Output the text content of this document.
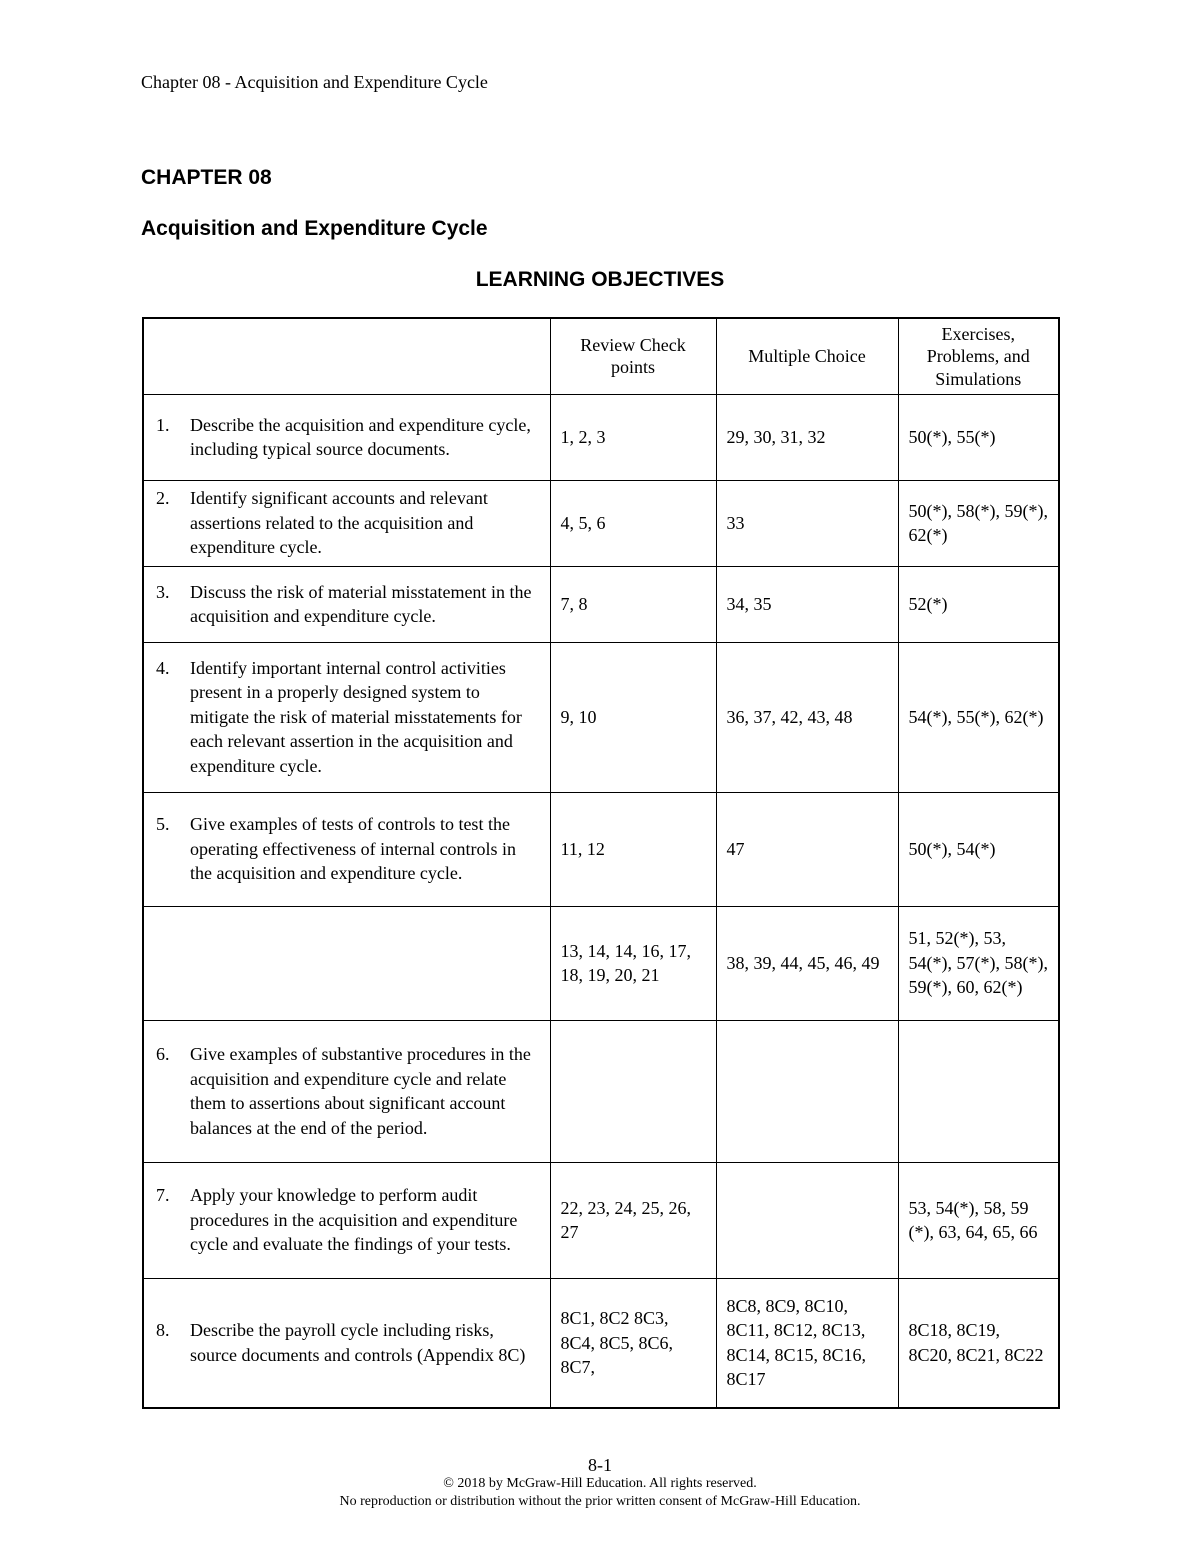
Chapter 08 - Acquisition and Expenditure Cycle
CHAPTER 08
Acquisition and Expenditure Cycle
LEARNING OBJECTIVES
	Review Check points	Multiple Choice	Exercises, Problems, and Simulations

1. Describe the acquisition and expenditure cycle, including typical source documents.	1, 2, 3	29, 30, 31, 32	50(*), 55(*)

2. Identify significant accounts and relevant assertions related to the acquisition and expenditure cycle.	4, 5, 6	33	50(*), 58(*), 59(*), 62(*)

3. Discuss the risk of material misstatement in the acquisition and expenditure cycle.	7, 8	34, 35	52(*)

4. Identify important internal control activities present in a properly designed system to mitigate the risk of material misstatements for each relevant assertion in the acquisition and expenditure cycle.	9, 10	36, 37, 42, 43, 48	54(*), 55(*), 62(*)

5. Give examples of tests of controls to test the operating effectiveness of internal controls in the acquisition and expenditure cycle.	11, 12	47	50(*), 54(*)

	13, 14, 14, 16, 17, 18, 19, 20, 21	38, 39, 44, 45, 46, 49	51, 52(*), 53, 54(*), 57(*), 58(*), 59(*), 60, 62(*)

6. Give examples of substantive procedures in the acquisition and expenditure cycle and relate them to assertions about significant account balances at the end of the period.			

7. Apply your knowledge to perform audit procedures in the acquisition and expenditure cycle and evaluate the findings of your tests.	22, 23, 24, 25, 26, 27		53, 54(*), 58, 59 (*), 63, 64, 65, 66

8. Describe the payroll cycle including risks, source documents and controls (Appendix 8C)	8C1, 8C2 8C3, 8C4, 8C5, 8C6, 8C7,	8C8, 8C9, 8C10, 8C11, 8C12, 8C13, 8C14, 8C15, 8C16, 8C17	8C18, 8C19, 8C20, 8C21, 8C22
8-1
© 2018 by McGraw-Hill Education. All rights reserved.
No reproduction or distribution without the prior written consent of McGraw-Hill Education.
